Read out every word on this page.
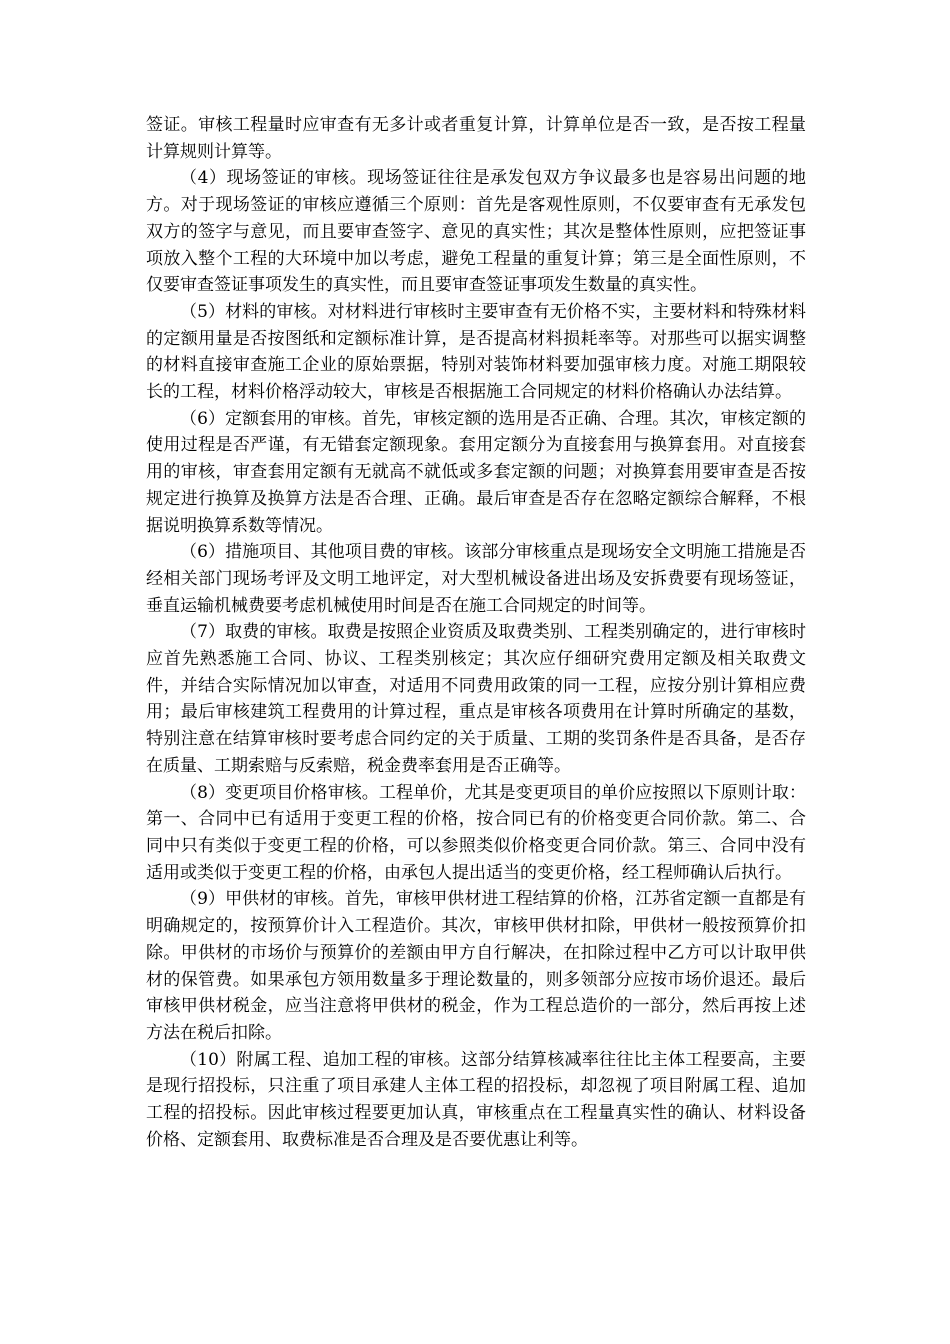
签证。审核工程量时应审查有无多计或者重复计算，计算单位是否一致，是否按工程量计算规则计算等。

（4）现场签证的审核。现场签证往往是承发包双方争议最多也是容易出问题的地方。对于现场签证的审核应遵循三个原则：首先是客观性原则，不仅要审查有无承发包双方的签字与意见，而且要审查签字、意见的真实性；其次是整体性原则，应把签证事项放入整个工程的大环境中加以考虑，避免工程量的重复计算；第三是全面性原则，不仅要审查签证事项发生的真实性，而且要审查签证事项发生数量的真实性。

（5）材料的审核。对材料进行审核时主要审查有无价格不实，主要材料和特殊材料的定额用量是否按图纸和定额标准计算，是否提高材料损耗率等。对那些可以据实调整的材料直接审查施工企业的原始票据，特别对装饰材料要加强审核力度。对施工期限较长的工程，材料价格浮动较大，审核是否根据施工合同规定的材料价格确认办法结算。

（6）定额套用的审核。首先，审核定额的选用是否正确、合理。其次，审核定额的使用过程是否严谨，有无错套定额现象。套用定额分为直接套用与换算套用。对直接套用的审核，审查套用定额有无就高不就低或多套定额的问题；对换算套用要审查是否按规定进行换算及换算方法是否合理、正确。最后审查是否存在忽略定额综合解释，不根据说明换算系数等情况。

（6）措施项目、其他项目费的审核。该部分审核重点是现场安全文明施工措施是否经相关部门现场考评及文明工地评定，对大型机械设备进出场及安拆费要有现场签证，垂直运输机械费要考虑机械使用时间是否在施工合同规定的时间等。

（7）取费的审核。取费是按照企业资质及取费类别、工程类别确定的，进行审核时应首先熟悉施工合同、协议、工程类别核定；其次应仔细研究费用定额及相关取费文件，并结合实际情况加以审查，对适用不同费用政策的同一工程，应按分别计算相应费用；最后审核建筑工程费用的计算过程，重点是审核各项费用在计算时所确定的基数，特别注意在结算审核时要考虑合同约定的关于质量、工期的奖罚条件是否具备，是否存在质量、工期索赔与反索赔，税金费率套用是否正确等。

（8）变更项目价格审核。工程单价，尤其是变更项目的单价应按照以下原则计取：第一、合同中已有适用于变更工程的价格，按合同已有的价格变更合同价款。第二、合同中只有类似于变更工程的价格，可以参照类似价格变更合同价款。第三、合同中没有适用或类似于变更工程的价格，由承包人提出适当的变更价格，经工程师确认后执行。

（9）甲供材的审核。首先，审核甲供材进工程结算的价格，江苏省定额一直都是有明确规定的，按预算价计入工程造价。其次，审核甲供材扣除，甲供材一般按预算价扣除。甲供材的市场价与预算价的差额由甲方自行解决，在扣除过程中乙方可以计取甲供材的保管费。如果承包方领用数量多于理论数量的，则多领部分应按市场价退还。最后审核甲供材税金，应当注意将甲供材的税金，作为工程总造价的一部分，然后再按上述方法在税后扣除。

（10）附属工程、追加工程的审核。这部分结算核减率往往比主体工程要高，主要是现行招投标，只注重了项目承建人主体工程的招投标，却忽视了项目附属工程、追加工程的招投标。因此审核过程要更加认真，审核重点在工程量真实性的确认、材料设备价格、定额套用、取费标准是否合理及是否要优惠让利等。
